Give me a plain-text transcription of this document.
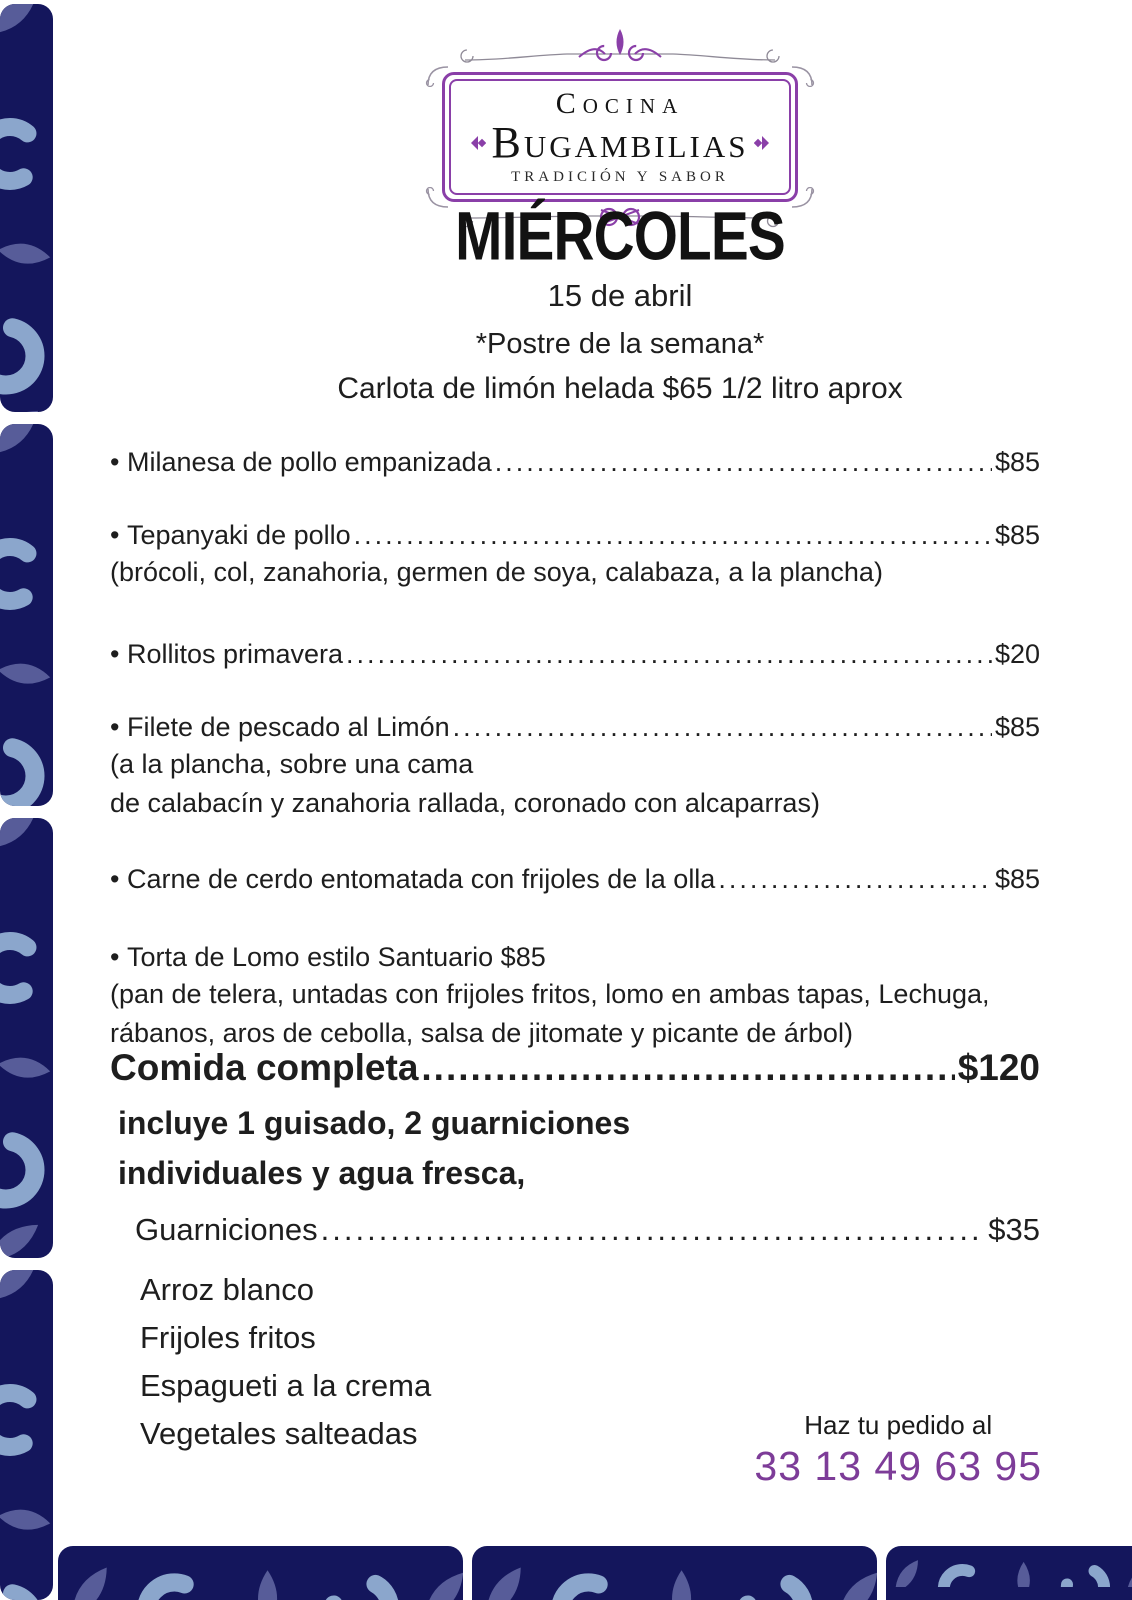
Cocina
Bugambilias
TRADICIÓN Y SABOR
MIÉRCOLES
15 de abril
*Postre de la semana*
Carlota de limón helada $65 1/2 litro aprox
• Milanesa de pollo empanizada .....	$85
• Tepanyaki de pollo .....	$85
(brócoli, col, zanahoria, germen de soya, calabaza, a la plancha)
• Rollitos primavera .....	$20
• Filete de pescado al Limón .....	$85
(a la plancha, sobre una cama
de calabacín y zanahoria rallada, coronado con alcaparras)
• Carne de cerdo entomatada con frijoles de la olla .....	$85
• Torta de Lomo estilo Santuario $85
(pan de telera, untadas con frijoles fritos, lomo en ambas tapas, Lechuga,
rábanos, aros de cebolla, salsa de jitomate y picante de árbol)
Comida completa .....	$120
incluye 1 guisado, 2 guarniciones
individuales y agua fresca,
Guarniciones .....	$35
Arroz blanco
Frijoles fritos
Espagueti a la crema
Vegetales salteadas	Haz tu pedido al
33 13 49 63 95
